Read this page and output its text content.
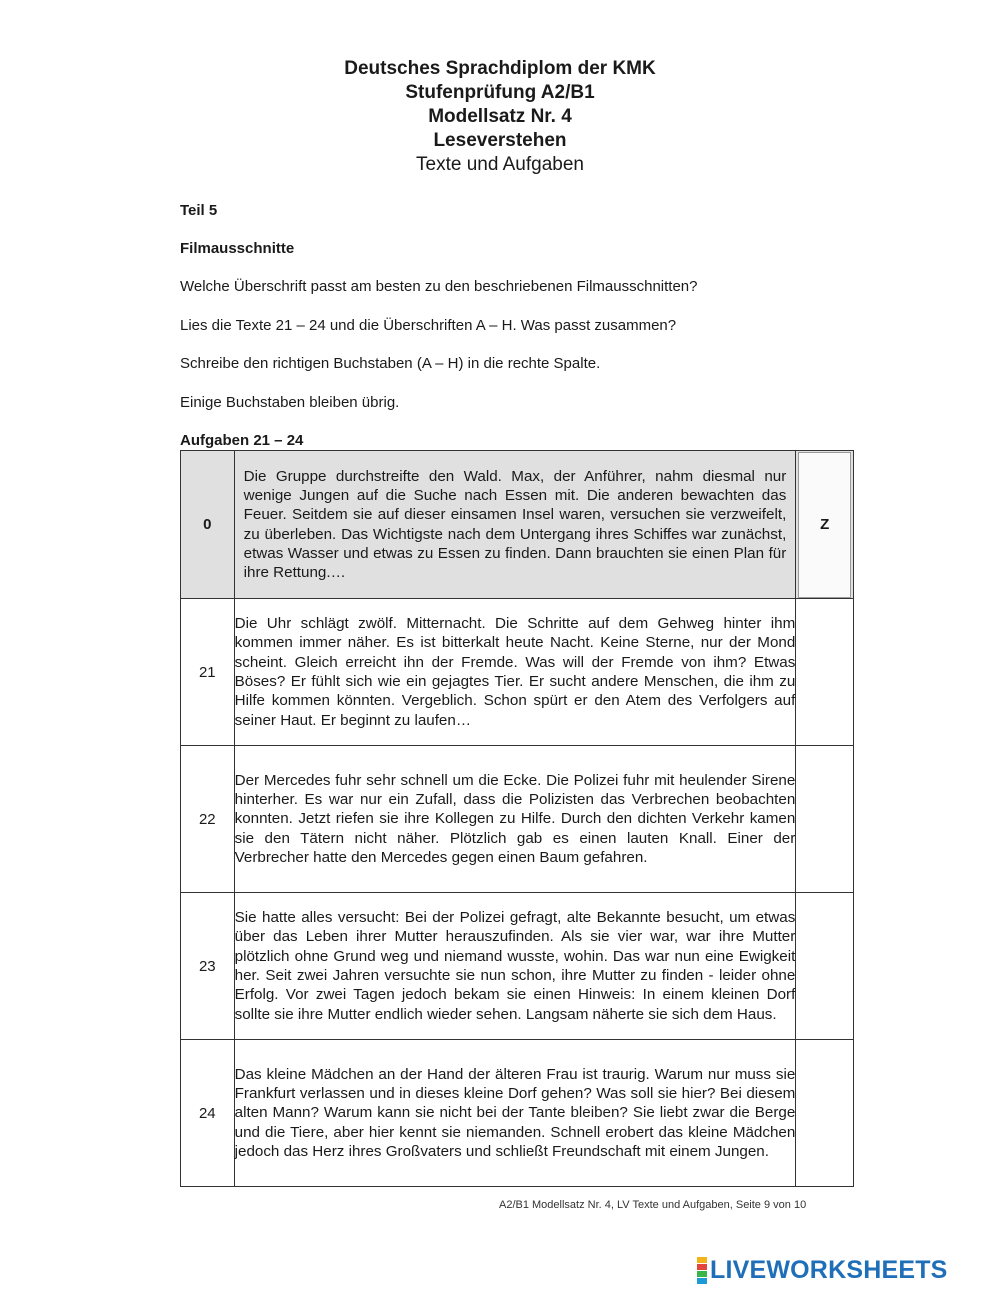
Deutsches Sprachdiplom der KMK
Stufenprüfung A2/B1
Modellsatz Nr. 4
Leseverstehen
Texte und Aufgaben
Teil 5
Filmausschnitte
Welche Überschrift passt am besten zu den beschriebenen Filmausschnitten?
Lies die Texte 21 – 24 und die Überschriften A – H. Was passt zusammen?
Schreibe den richtigen Buchstaben (A – H) in die rechte Spalte.
Einige Buchstaben bleiben übrig.
Aufgaben 21 – 24
0	Die Gruppe durchstreifte den Wald. Max, der Anführer, nahm diesmal nur wenige Jungen auf die Suche nach Essen mit. Die anderen bewachten das Feuer. Seitdem sie auf dieser einsamen Insel waren, versuchen sie verzweifelt, zu überleben. Das Wichtigste nach dem Untergang ihres Schiffes war zunächst, etwas Wasser und etwas zu Essen zu finden. Dann brauchten sie einen Plan für ihre Rettung.…	Z

21	Die Uhr schlägt zwölf. Mitternacht. Die Schritte auf dem Gehweg hinter ihm kommen immer näher. Es ist bitterkalt heute Nacht. Keine Sterne, nur der Mond scheint. Gleich erreicht ihn der Fremde. Was will der Fremde von ihm? Etwas Böses? Er fühlt sich wie ein gejagtes Tier. Er sucht andere Menschen, die ihm zu Hilfe kommen könnten. Vergeblich. Schon spürt er den Atem des Verfolgers auf seiner Haut. Er beginnt zu laufen…	
22	Der Mercedes fuhr sehr schnell um die Ecke. Die Polizei fuhr mit heulender Sirene hinterher. Es war nur ein Zufall, dass die Polizisten das Verbrechen beobachten konnten. Jetzt riefen sie ihre Kollegen zu Hilfe. Durch den dichten Verkehr kamen sie den Tätern nicht näher. Plötzlich gab es einen lauten Knall. Einer der Verbrecher hatte den Mercedes gegen einen Baum gefahren.	
23	Sie hatte alles versucht: Bei der Polizei gefragt, alte Bekannte besucht, um etwas über das Leben ihrer Mutter herauszufinden. Als sie vier war, war ihre Mutter plötzlich ohne Grund weg und niemand wusste, wohin. Das war nun eine Ewigkeit her. Seit zwei Jahren versuchte sie nun schon, ihre Mutter zu finden - leider ohne Erfolg. Vor zwei Tagen jedoch bekam sie einen Hinweis: In einem kleinen Dorf sollte sie ihre Mutter endlich wieder sehen. Langsam näherte sie sich dem Haus.	
24	Das kleine Mädchen an der Hand der älteren Frau ist traurig. Warum nur muss sie Frankfurt verlassen und in dieses kleine Dorf gehen? Was soll sie hier? Bei diesem alten Mann? Warum kann sie nicht bei der Tante bleiben? Sie liebt zwar die Berge und die Tiere, aber hier kennt sie niemanden. Schnell erobert das kleine Mädchen jedoch das Herz ihres Großvaters und schließt Freundschaft mit einem Jungen.	
A2/B1 Modellsatz Nr. 4, LV Texte und Aufgaben, Seite 9 von 10
LIVEWORKSHEETS
